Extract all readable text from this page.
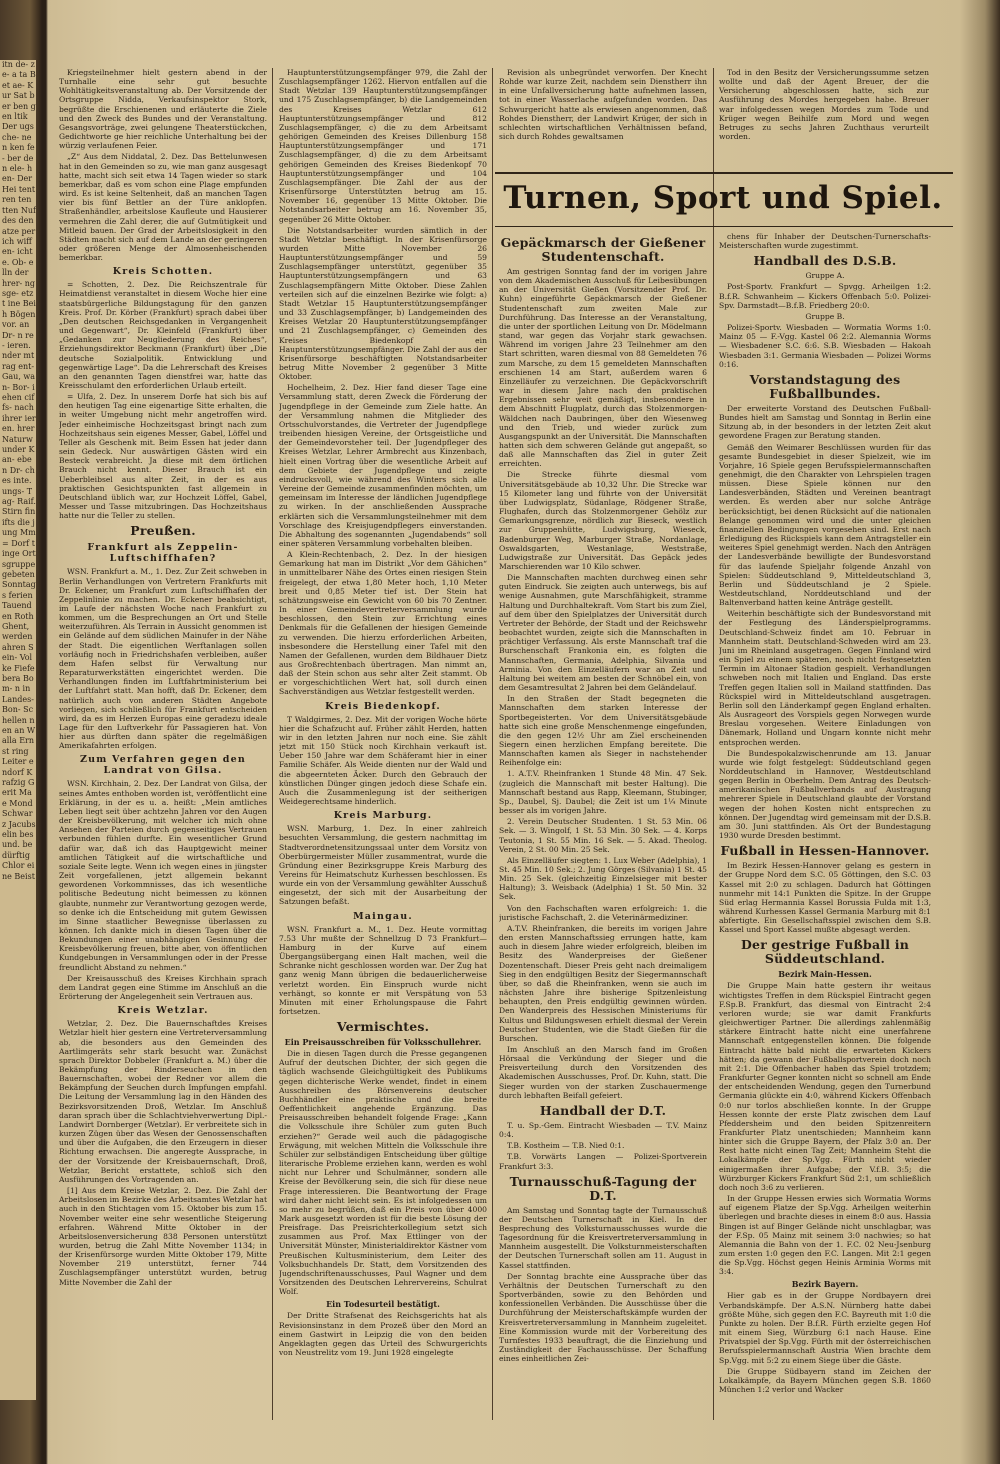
itn de- ze- a ta Bet ae- Kur Sat ber ben gen ltik Der ugs che- nen ken fe- ber den ele- hen- Der Hei tent ren ten tten Nuf des den atze per ich wiffen- ichte. Ob- elln der hrer- ngsge- etzt ine Beih Bögen vor. an Dr- n re- ieren. nder mtrag ent- Gau, wan- Bor- iehen ciffs- nach ihrer ieren. hrer Naturwunder Kan- eben Dr- ch es inte. ungs- Tag- Raif. Stirn fin ifts die jung Mm= Dorf tinge Ortsgruppe gebeten Sonntags ferien Tauenden Roth Ghent, werden ahren Sein- Volke Fiefe bera Bom- n in Landes- Bon- Schellen nen an Walla Ernst ring Leiter endorf Krafzig Gerit Mae Mond Schwarz Jacubs elin bes und. bedürftig Chlor eine Beist

Kriegsteilnehmer hielt gestern abend in der Turnhalle eine sehr gut besuchte Wohltätigkeitsveranstaltung ab. Der Vorsitzende der Ortsgruppe Nidda, Verkaufsinspektor Stork, begrüßte die Erschienenen und erläuterte die Ziele und den Zweck des Bundes und der Veranstaltung. Gesangsvorträge, zwei gelungene Theaterstückchen, Gedichtworte ge hier reichliche Unterhaltung bei der würzig verlaufenen Feier.

„Z“ Aus dem Niddatal, 2. Dez. Das Bettelunwesen hat in den Gemeinden so zu, wie man ganz ausgesagt hatte, macht sich seit etwa 14 Tagen wieder so stark bemerkbar, daß es vom schon eine Plage empfunden wird. Es ist keine Seltenheit, daß an manchen Tagen vier bis fünf Bettler an der Türe anklopfen. Straßenhändler, arbeitslose Kaufleute und Hausierer vermehren die Zahl derer, die auf Gutmütigkeit und Mitleid bauen. Der Grad der Arbeitslosigkeit in den Städten macht sich auf dem Lande an der geringeren oder größeren Menge der Almosenheischenden bemerkbar.

Kreis Schotten.

= Schotten, 2. Dez. Die Reichszentrale für Heimatdienst veranstaltet in diesem Woche hier eine staatsbürgerliche Bildungstagung für den ganzen Kreis. Prof. Dr. Körber (Frankfurt) sprach dabei über „Den deutschen Reichsgedanken in Vergangenheit und Gegenwart“, Dr. Kleinfeld (Frankfurt) über „Gedanken zur Neugliederung des Reiches“, Erziehungsdirektor Beckmann (Frankfurt) über „Die deutsche Sozialpolitik. Entwicklung und gegenwärtige Lage“. Da die Lehrerschaft des Kreises an den genannten Tagen dienstfrei war, hatte das Kreisschulamt den erforderlichen Urlaub erteilt.

= Ulfa, 2. Dez. In unserem Dorfe hat sich bis auf den heutigen Tag eine eigenartige Sitte erhalten, die in weiter Umgebung nicht mehr angetroffen wird. Jeder einheimische Hochzeitsgast bringt nach zum Hochzeitshaus sein eigenes Messer, Gabel, Löffel und Teller als Geschenk mit. Beim Essen hat jeder dann sein Gedeck. Nur auswärtigen Gästen wird ein Besteck verabreicht. Ja diese mit dem örtlichen Brauch nicht kennt. Dieser Brauch ist ein Ueberbleibsel aus alter Zeit, in der es aus praktischen Gesichtspunkten fast allgemein in Deutschland üblich war, zur Hochzeit Löffel, Gabel, Messer und Tasse mitzubringen. Das Hochzeitshaus hatte nur die Teller zu stellen.

Preußen.
Frankfurt als Zeppelin-Luftschiffhafen?

WSN. Frankfurt a. M., 1. Dez. Zur Zeit schweben in Berlin Verhandlungen von Vertretern Frankfurts mit Dr. Eckener, um Frankfurt zum Luftschiffhafen der Zeppelinlinie zu machen. Dr. Eckener beabsichtigt, im Laufe der nächsten Woche nach Frankfurt zu kommen, um die Besprechungen an Ort und Stelle weiterzuführen. Als Terrain in Aussicht genommen ist ein Gelände auf dem südlichen Mainufer in der Nähe der Stadt. Die eigentlichen Werftanlagen sollen vorläufig noch in Friedrichshafen verbleiben, außer dem Hafen selbst für Verwaltung nur Reparaturwerkstätten eingerichtet werden. Die Verhandlungen finden im Luftfahrtministerium bei der Luftfahrt statt. Man hofft, daß Dr. Eckener, dem natürlich auch von anderen Städten Angebote vorliegen, sich schließlich für Frankfurt entscheiden wird, da es im Herzen Europas eine geradezu ideale Lage für den Luftverkehr für Passagieren hat. Von hier aus dürften dann später die regelmäßigen Amerikafahrten erfolgen.

Zum Verfahren gegen den Landrat von Gilsa.

WSN. Kirchhain, 2. Dez. Der Landrat von Gilsa, der seines Amtes enthoben worden ist, veröffentlicht eine Erklärung, in der es u. a. heißt: „Mein amtliches Leben liegt seit über achtzehn Jahren vor den Augen der Kreisbevölkerung, mit welcher ich mich ohne Ansehen der Parteien durch gegenseitiges Vertrauen verbunden fühlen durfte. Ein wesentlicher Grund dafür war, daß ich das Hauptgewicht meiner amtlichen Tätigkeit auf die wirtschaftliche und soziale Seite legte. Wenn ich wegen eines in jüngster Zeit vorgefallenen, jetzt allgemein bekannt gewordenen Vorkommnisses, das ich wesentliche politische Bedeutung nicht beimessen zu können glaubte, nunmehr zur Verantwortung gezogen werde, so denke ich die Entscheidung mit gutem Gewissen im Sinne staatlicher Bewegnisse überlassen zu können. Ich dankte mich in diesen Tagen über die Bekundungen einer unabhängigen Gesinnung der Kreisbevölkerung freuen, bitte aber, von öffentlichen Kundgebungen in Versammlungen oder in der Presse freundlicht Abstand zu nehmen.“

Der Kreisausschuß des Kreises Kirchhain sprach dem Landrat gegen eine Stimme im Anschluß an die Erörterung der Angelegenheit sein Vertrauen aus.

Kreis Wetzlar.

Wetzlar, 2. Dez. Die Bauernschaftdes Kreises Wetzlar hielt hier gestern eine Vertreterversammlung ab, die besonders aus den Gemeinden des Aartlimgeräts sehr stark besucht war. Zunächst sprach Direktor Dobbeler (Frankfurt a. M.) über die Bekämpfung der Rinderseuchen in den Bauernschaften, wobei der Redner vor allem die Bekämpfung der Seuchen durch Impfungen empfahl. Die Leitung der Versammlung lag in den Händen des Bezirksvorsitzenden Droß, Wetzlar. Im Anschluß daran sprach über die Schlachtviehverwertung Dipl.-Landwirt Dornberger (Wetzlar). Er verbreitete sich in kurzen Zügen über das Wesen der Genossenschaften und über die Aufgaben, die den Erzeugern in dieser Richtung erwachsen. Die angeregte Aussprache, in der der Vorsitzende der Kreisbauernschaft, Droß, Wetzlar, Bericht erstattete, schloß sich den Ausführungen des Vortragenden an.

[1] Aus dem Kreise Wetzlar, 2. Dez. Die Zahl der Arbeitslosen im Bezirke des Arbeitsamtes Wetzlar hat auch in den Stichtagen vom 15. Oktober bis zum 15. November weiter eine sehr wesentliche Steigerung erfahren. Während Mitte Oktober in der Arbeitslosenversicherung 838 Personen unterstützt wurden, betrug die Zahl Mitte November 1134; in der Krisenfürsorge wurden Mitte Oktober 179, Mitte November 219 unterstützt, ferner 744 Zuschlagsempfänger unterstützt wurden, betrug Mitte November die Zahl der

Hauptunterstützungsempfänger 979, die Zahl der Zuschlagsempfänger 1262. Hiervon entfallen auf die Stadt Wetzlar 139 Hauptunterstützungsempfänger und 175 Zuschlagsempfänger, b) die Landgemeinden des Kreises Wetzlar 612 Hauptunterstützungsempfänger und 812 Zuschlagsempfänger, c) die zu dem Arbeitsamt gehörigen Gemeinden des Kreises Dillenburg 158 Hauptunterstützungsempfänger und 171 Zuschlagsempfänger, d) die zu dem Arbeitsamt gehörigen Gemeinden des Kreises Biedenkopf 70 Hauptunterstützungsempfänger und 104 Zuschlagsempfänger. Die Zahl der aus der Krisenfürsorge Unterstützten betrug am 15. November 16, gegenüber 13 Mitte Oktober. Die Notstandsarbeiter betrug am 16. November 35, gegenüber 26 Mitte Oktober.

Die Notstandsarbeiter wurden sämtlich in der Stadt Wetzlar beschäftigt. In der Krisenfürsorge wurden Mitte November 26 Hauptunterstützungsempfänger und 59 Zuschlagsempfänger unterstützt, gegenüber 35 Hauptunterstützungsempfängern und 63 Zuschlagsempfängern Mitte Oktober. Diese Zahlen verteilen sich auf die einzelnen Bezirke wie folgt: a) Stadt Wetzlar 15 Hauptunterstützungsempfänger und 33 Zuschlagsempfänger, b) Landgemeinden des Kreises Wetzlar 20 Hauptunterstützungsempfänger und 21 Zuschlagsempfänger, c) Gemeinden des Kreises Biedenkopf ein Hauptunterstützungsempfänger. Die Zahl der aus der Krisenfürsorge beschäftigten Notstandsarbeiter betrug Mitte November 2 gegenüber 3 Mitte Oktober.

Hochelheim, 2. Dez. Hier fand dieser Tage eine Versammlung statt, deren Zweck die Förderung der Jugendpflege in der Gemeinde zum Ziele hatte. An der Versammlung nahmen die Mitglieder des Ortsschulvorstandes, die Vertreter der Jugendpflege treibenden hiesigen Vereine, der Ortsgeistliche und der Gemeindevorsteher teil. Der Jugendpfleger des Kreises Wetzlar, Lehrer Armbrecht aus Kinzenbach, hielt einen Vortrag über die wesentliche Arbeit auf dem Gebiete der Jugendpflege und zeigte eindrucksvoll, wie während des Winters sich alle Vereine der Gemeinde zusammenfinden möchten, um gemeinsam im Interesse der ländlichen Jugendpflege zu wirken. In der anschließenden Aussprache erklärten sich die Versammlungsteilnehmer mit dem Vorschlage des Kreisjugendpflegers einverstanden. Die Abhaltung des sogenannten „Jugendabends“ soll einer späteren Versammlung vorbehalten bleiben.

A Klein-Rechtenbach, 2. Dez. In der hiesigen Gemarkung hat man im Distrikt „Vor dem Gähichen“ in unmittelbarer Nähe des Ortes einen riesigen Stein freigelegt, der etwa 1,80 Meter hoch, 1,10 Meter breit und 0,85 Meter tief ist. Der Stein hat schätzungsweise ein Gewicht von 60 bis 70 Zentner. In einer Gemeindevertreterversammlung wurde beschlossen, den Stein zur Errichtung eines Denkmals für die Gefallenen der hiesigen Gemeinde zu verwenden. Die hierzu erforderlichen Arbeiten, insbesondere die Herstellung einer Tafel mit den Namen der Gefallenen, wurden dem Bildhauer Dietz aus Großrechtenbach übertragen. Man nimmt an, daß der Stein schon aus sehr alter Zeit stammt. Ob er vorgeschichtlichen Wert hat, soll durch einen Sachverständigen aus Wetzlar festgestellt werden.

Kreis Biedenkopf.

T Waldgirmes, 2. Dez. Mit der vorigen Woche hörte hier die Schafzucht auf. Früher zählt Herden, hatten wir in den letzten Jahren nur noch eine. Sie zählt jetzt mit 150 Stück noch Kirchhain verkauft ist. Ueber 150 Jahre war dem Schäferamt hier in einer Familie Schäfer. Als Weide dienten nur der Wald und die abgeernteten Äcker. Durch den Gebrauch der künstlichen Dünger gingen jedoch diese Schafe ein. Auch die Zusammenlegung ist der seitherigen Weidegerechtsame hinderlich.

Kreis Marburg.

WSN. Marburg, 1. Dez. In einer zahlreich besuchten Versammlung, die gestern nachmittag im Stadtverordnetensitzungssaal unter dem Vorsitz von Oberbürgermeister Müller zusammentrat, wurde die Gründung einer Bezirksgruppe Kreis Marburg des Vereins für Heimatschutz Kurhessen beschlossen. Es wurde ein von der Versammlung gewählter Ausschuß eingesetzt, der sich mit der Ausarbeitung der Satzungen befaßt.

Maingau.

WSN. Frankfurt a. M., 1. Dez. Heute vormittag 7.53 Uhr mußte der Schnellzug D 73 Frankfurt—Hamburg in der Kurve auf einem Übergangsübergang einen Halt machen, weil die Schranke nicht geschlossen worden war. Der Zug hat ganz wenig Mann übrigen die bedauerlicherweise verletzt worden. Ein Einspruch wurde nicht verhängt, so konnte er mit Verspätung von 53 Minuten mit einer Erholungspause die Fahrt fortsetzen.

Vermischtes.
Ein Preisausschreiben für Volksschullehrer.

Die in diesen Tagen durch die Presse gegangenen Aufruf der deutschen Dichter, der sich gegen die täglich wachsende Gleichgültigkeit des Publikums gegen dichterische Werke wendet, findet in einem Ausschreiben des Börsenvereins deutscher Buchhändler eine praktische und die breite Oeffentlichkeit angehende Ergänzung. Das Preisausschreiben behandelt folgende Frage: „Kann die Volksschule ihre Schüler zum guten Buch erziehen?“ Gerade weil auch die pädagogische Erwägung, mit welchen Mitteln die Volksschule ihre Schüler zur selbständigen Entscheidung über gültige literarische Probleme erziehen kann, werden es wohl nicht nur Lehrer und Schulmänner, sondern alle Kreise der Bevölkerung sein, die sich für diese neue Frage interessieren. Die Beantwortung der Frage wird daher nicht leicht sein. Es ist infolgedessen um so mehr zu begrüßen, daß ein Preis von über 4000 Mark ausgesetzt worden ist für die beste Lösung der Preisfrage. Das Preisrichterkollegium setzt sich zusammen aus Prof. Max Ettlinger von der Universität Münster, Ministerialdirektor Kästner vom Preußischen Kultusministerium, dem Leiter des Volksbuchhandels Dr. Statt, dem Vorsitzenden des Jugendschriftenausschusses, Paul Wagner und dem Vorsitzenden des Deutschen Lehrervereins, Schulrat Wolf.

Ein Todesurteil bestätigt.

Der Dritte Strafsenat des Reichsgerichts hat als Revisionsinstanz in dem Prozeß über den Mord an einem Gastwirt in Leipzig die von den beiden Angeklagten gegen das Urteil des Schwurgerichts von Neustrelitz vom 19. Juni 1928 eingelegte

Revision als unbegründet verworfen. Der Knecht Rohde war kurze Zeit, nachdem sein Dienstherr ihn in eine Unfallversicherung hatte aufnehmen lassen, tot in einer Wasserlache aufgefunden worden. Das Schwurgericht hatte als erwiesen angenommen, daß Rohdes Dienstherr, der Landwirt Krüger, der sich in schlechten wirtschaftlichen Verhältnissen befand, sich durch Rohdes gewaltsamen

Tod in den Besitz der Versicherungssumme setzen wollte und daß der Agent Breuer, der die Versicherung abgeschlossen hatte, sich zur Ausführung des Mordes hergegeben habe. Breuer war infolgedessen wegen Mordes zum Tode und Krüger wegen Beihilfe zum Mord und wegen Betruges zu sechs Jahren Zuchthaus verurteilt worden.

Turnen, Sport und Spiel.
Gepäckmarsch der Gießener Studentenschaft.

Am gestrigen Sonntag fand der im vorigen Jahre von dem Akademischen Ausschuß für Leibesübungen an der Universität Gießen (Vorsitzender Prof. Dr. Kuhn) eingeführte Gepäckmarsch der Gießener Studentenschaft zum zweiten Male zur Durchführung. Das Interesse an der Veranstaltung, die unter der sportlichen Leitung von Dr. Mödelmann stand, war gegen das Vorjahr stark gewachsen. Während im vorigen Jahre 23 Teilnehmer am den Start schritten, waren diesmal von 88 Gemeldeten 76 zum Marsche, zu dem 15 gemeldeten Mannschaften erschienen 14 am Start, außerdem waren 6 Einzelläufer zu verzeichnen. Die Gepäckvorschrift war in diesem Jahre nach den praktischen Ergebnissen sehr weit gemäßigt, insbesondere in dem Abschnitt Flugplatz, durch das Stolzenmorgen-Wäldchen nach Daubringen, über den Wiesenweg und den Trieb, und wieder zurück zum Ausgangspunkt an der Universität. Die Mannschaften hatten sich dem schweren Gelände gut angepaßt, so daß alle Mannschaften das Ziel in guter Zeit erreichten.

Die Strecke führte diesmal vom Universitätsgebäude ab 10,32 Uhr. Die Strecke war 15 Kilometer lang und führte von der Universität über Ludwigsplatz, Südanlage, Rödgener Straße, Flughafen, durch das Stolzenmorgener Gehölz zur Gemarkungsgrenze, nördlich zur Bieseck, westlich zur Gruppenhütte, Ludwigsburg, Wieseck, Badenburger Weg, Marburger Straße, Nordanlage, Oswaldsgarten, Westanlage, Weststraße, Ludwigstraße zur Universität. Das Gepäck jedes Marschierenden war 10 Kilo schwer.

Die Mannschaften machten durchweg einen sehr guten Eindruck. Sie zeigten auch unterwegs, bis auf wenige Ausnahmen, gute Marschfähigkeit, stramme Haltung und Durchhaltekraft. Vom Start bis zum Ziel, auf dem über den Spielplatzes der Universität durch Vertreter der Behörde, der Stadt und der Reichswehr beobachtet wurden, zeigte sich die Mannschaften in prächtiger Verfassung. Als erste Mannschaft traf die Burschenschaft Frankonia ein, es folgten die Mannschaften, Germania, Adelphia, Silvania und Arminia. Von den Einzelläufern war an Zeit und Haltung bei weitem am besten der Schnöbel ein, von dem Gesamtresultat 2 Jahren bei dem Geländelauf.

In den Straßen der Stadt begegneten die Mannschaften dem starken Interesse der Sportbegeisterten. Vor dem Universitätsgebäude hatte sich eine große Menschenmenge eingefunden, die den gegen 12½ Uhr am Ziel erscheinenden Siegern einen herzlichen Empfang bereitete. Die Mannschaften kamen als Sieger in nachstehender Reihenfolge ein:

1. A.T.V. Rheinfranken 1 Stunde 48 Min. 47 Sek. (zugleich die Mannschaft mit bester Haltung). Die Mannschaft bestand aus Rapp, Kleemann, Stubinger, Sp., Daubel, Sj. Daubel; die Zeit ist um 1¼ Minute besser als im vorigen Jahre.

2. Verein Deutscher Studenten. 1 St. 53 Min. 06 Sek. — 3. Wingolf, 1 St. 53 Min. 30 Sek. — 4. Korps Teutonia, 1 St. 55 Min. 16 Sek. — 5. Akad. Theolog. Verein, 2 St. 00 Min. 25 Sek.

Als Einzelläufer siegten: 1. Lux Weber (Adelphia), 1 St. 45 Min. 10 Sek.; 2. Jung Görges (Silvania) 1 St. 45 Min. 25 Sek. (gleichzeitig Einzelsieger mit bester Haltung); 3. Weisback (Adelphia) 1 St. 50 Min. 32 Sek.

Von den Fachschaften waren erfolgreich: 1. die juristische Fachschaft, 2. die Veterinärmediziner.

A.T.V. Rheinfranken, die bereits im vorigen Jahre den ersten Mannschaftssieg errungen hatte, kam auch in diesem Jahre wieder erfolgreich, bleiben im Besitz des Wanderpreises der Gießener Dozentenschaft. Dieser Preis geht nach dreimaligem Sieg in den endgültigen Besitz der Siegermannschaft über, so daß die Rheinfranken, wenn sie auch im nächsten Jahre ihre bisherige Spitzenleistung behaupten, den Preis endgültig gewinnen würden. Den Wanderpreis des Hessischen Ministeriums für Kultus und Bildungswesen erhielt diesmal der Verein Deutscher Studenten, wie die Stadt Gießen für die Burschen.

Im Anschluß an den Marsch fand im Großen Hörsaal die Verkündung der Sieger und die Preisverteilung durch den Vorsitzenden des Akademischen Ausschusses, Prof. Dr. Kuhn, statt. Die Sieger wurden von der starken Zuschauermenge durch lebhaften Beifall gefeiert.

Handball der D.T.

T. u. Sp.-Gem. Eintracht Wiesbaden — T.V. Mainz 0:4.

T.B. Kostheim — T.B. Nied 0:1.

T.B. Vorwärts Langen — Polizei-Sportverein Frankfurt 3:3.

Turnausschuß-Tagung der D.T.

Am Samstag und Sonntag tagte der Turnausschuß der Deutschen Turnerschaft in Kiel. In der Besprechung des Volksturnausschusses wurde die Tagesordnung für die Kreisvertreterversammlung in Mannheim ausgestellt. Die Volksturnmeisterschaften der Deutschen Turnerschaft sollen am 11. August in Kassel stattfinden.

Der Sonntag brachte eine Aussprache über das Verhältnis der Deutschen Turnerschaft zu den Sportverbänden, sowie zu den Behörden und konfessionellen Verbänden. Die Ausschüsse über die Durchführung der Meisterschaftskämpfe wurden der Kreisvertreterversammlung in Mannheim zugeleitet. Eine Kommission wurde mit der Vorbereitung des Turnfestes 1933 beauftragt, die die Einziehung und Zuständigkeit der Fachausschüsse. Der Schaffung eines einheitlichen Zei-

chens für Inhaber der Deutschen-Turnerschafts-Meisterschaften wurde zugestimmt.

Handball des D.S.B.

Gruppe A.

Post-Sportv. Frankfurt — Spvgg. Arheilgen 1:2. B.f.R. Schwanheim — Kickers Offenbach 5:0. Polizei-Spv. Darmstadt—B.f.B. Friedberg 20:0.

Gruppe B.

Polizei-Sportv. Wiesbaden — Wormatia Worms 1:0. Mainz 05 — F.-Vgg. Kastel 06 2:2. Alemannia Worms — Wiesbadener S.C. 6:6. S.B. Wiesbaden — Hakoah Wiesbaden 3:1. Germania Wiesbaden — Polizei Worms 0:16.

Vorstandstagung des Fußballbundes.

Der erweiterte Vorstand des Deutschen Fußball-Bundes hielt am Samstag und Sonntag in Berlin eine Sitzung ab, in der besonders in der letzten Zeit akut gewordene Fragen zur Beratung standen.

Gemäß den Weimarer Beschlüssen wurden für das gesamte Bundesgebiet in dieser Spielzeit, wie im Vorjahre, 16 Spiele gegen Berufsspielermannschaften genehmigt, die den Charakter von Lehrspielen tragen müssen. Diese Spiele können nur den Landesverbänden, Städten und Vereinen beantragt werden. Es werden aber nur solche Anträge berücksichtigt, bei denen Rücksicht auf die nationalen Belange genommen wird und die unter gleichen finanziellen Bedingungen vorgesehen sind. Erst nach Erledigung des Rückspiels kann dem Antragsteller ein weiteres Spiel genehmigt werden. Nach den Anträgen der Landesverbände bewilligte der Bundesvorstand für das laufende Spieljahr folgende Anzahl von Spielen: Süddeutschland 9, Mitteldeutschland 3, Berlin und Süddeutschland je 2 Spiele. Westdeutschland, Norddeutschland und der Baltenverband hatten keine Anträge gestellt.

Weiterhin beschäftigte sich der Bundesvorstand mit der Festlegung des Länderspielprogramms. Deutschland-Schweiz findet am 10. Februar in Mannheim statt. Deutschland-Schweden wird am 23. Juni im Rheinland ausgetragen. Gegen Finnland wird ein Spiel zu einem späteren, noch nicht festgesetzten Termin im Altonaer Stadion gespielt. Verhandlungen schweben noch mit Italien und England. Das erste Treffen gegen Italien soll in Mailand stattfinden. Das Rückspiel wird in Mitteldeutschland ausgetragen. Berlin soll den Länderkampf gegen England erhalten. Als Ausrageort des Vorspiels gegen Norwegen wurde Breslau vorgesehen. Weitere Einladungen von Dänemark, Holland und Ungarn konnte nicht mehr entsprochen werden.

Die Bundespokalzwischenrunde am 13. Januar wurde wie folgt festgelegt: Süddeutschland gegen Norddeutschland in Hannover, Westdeutschland gegen Berlin in Oberhelm. Dem Antrag des Deutsch-amerikanischen Fußballverbands auf Austragung mehrerer Spiele in Deutschland glaubte der Vorstand wegen der hohen Kosten nicht entsprechen zu können. Der Jugendtag wird gemeinsam mit der D.S.B. am 30. Juni stattfinden. Als Ort der Bundestagung 1930 wurde Dresden bestimmt.

Fußball in Hessen-Hannover.

Im Bezirk Hessen-Hannover gelang es gestern in der Gruppe Nord dem S.C. 05 Göttingen, den S.C. 03 Kassel mit 2:0 zu schlagen. Dadurch hat Göttingen nunmehr mit 14:1 Punkten die Spitze. In der Gruppe Süd erlag Hermannia Kassel Borussia Fulda mit 1:3, während Kurhessen Kassel Germania Marburg mit 8:1 abfertigte. Ein Gesellschaftsspiel zwischen dem S.B. Kassel und Sport Kassel mußte abgesagt werden.

Der gestrige Fußball in Süddeutschland.
Bezirk Main-Hessen.

Die Gruppe Main hatte gestern ihr weitaus wichtigstes Treffen in dem Rückspiel Eintracht gegen F.Sp.B. Frankfurt, das diesmal von Eintracht 2:4 verloren wurde; sie war damit Frankfurts gleichwertiger Partner. Die allerdings zahlenmäßig stärkere Eintracht hatte nicht eine unerfahrene Mannschaft entgegenstellen können. Die folgende Eintracht hätte bald nicht die erwarteten Kickers hätten; da gewann der Fußballsportverein doch noch mit 2:1. Die Offenbacher haben das Spiel trotzdem; Frankfurter Gegner konnten nicht so schnell am Ende der entscheidenden Wendung, gegen den Turnerbund Germania glückte ein 4:0, während Kickers Offenbach 0:0 nur torlos abschließen konnte. In der Gruppe Hessen konnte der erste Platz zwischen dem Lauf Pfeddersheim und den beiden Spitzenreitern Frankfurter Platz unentschieden; Mannheim kann hinter sich die Gruppe Bayern, der Pfalz 3:0 an. Der Rest hatte nicht einen Tag Zeit; Mannheim Steht die Lokalkämpfe der Sp.Vgg. Fürth nicht wieder einigermaßen ihrer Aufgabe; der V.f.B. 3:5; die Würzburger Kickers Frankfurt Süd 2:1, um schließlich doch noch 3:6 zu verlieren.

In der Gruppe Hessen erwies sich Wormatia Worms auf eigenem Platze der Sp.Vgg. Arheilgen weiterhin überlegen und brachte dieses in einem 8:0 aus. Hassia Bingen ist auf Binger Gelände nicht unschlagbar, was der F.Sp. 05 Mainz mit seinem 3:0 nachwies; so hat Alemannia die Bahn von der 1. F.C. 02 Neu-Jsenburg zum ersten 1:0 gegen den F.C. Langen. Mit 2:1 gegen die Sp.Vgg. Höchst gegen Heinis Arminia Worms mit 3:4.

Bezirk Bayern.

Hier gab es in der Gruppe Nordbayern drei Verbandskämpfe. Der A.S.N. Nürnberg hatte dabei größte Mühe, sich gegen den F.C. Bayreuth mit 1:0 die Punkte zu holen. Der B.f.R. Fürth erzielte gegen Hof mit einem Sieg, Würzburg 6:1 nach Hause. Eine Privatspiel der Sp.Vgg. Fürth mit der österreichischen Berufsspielermannschaft Austria Wien brachte dem Sp.Vgg. mit 5:2 zu einem Siege über die Gäste.

Die Gruppe Südbayern stand im Zeichen der Lokalkämpfe, da Bayern München gegen S.B. 1860 München 1:2 verlor und Wacker
